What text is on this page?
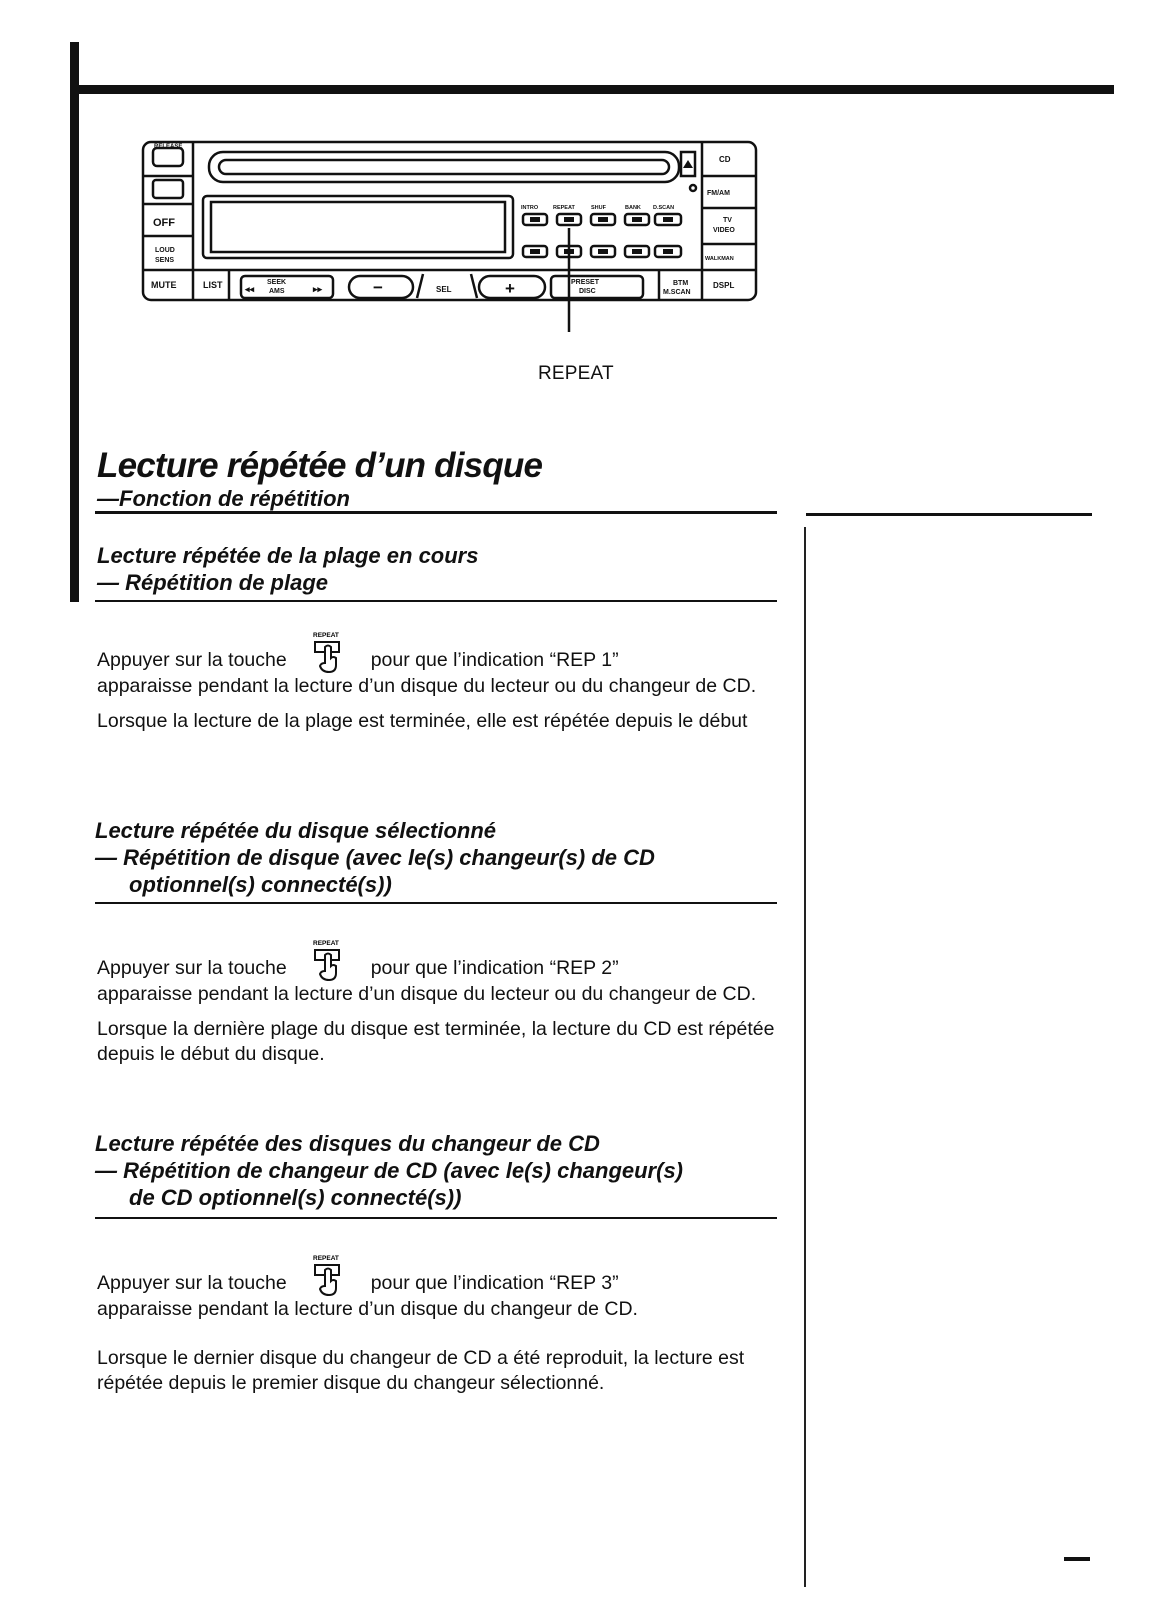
RELEASE
OFF
LOUD
SENS
MUTE	LIST	◂◂
SEEK
AMS	▸▸	−	SEL	+	PRESET
DISC
BTM
M.SCAN
CD
FM/AM
TV
VIDEO
WALKMAN
DSPL
INTRO	REPEAT	SHUF	BANK D.SCAN
REPEAT
Lecture répétée d’un disque
—Fonction de répétition
Lecture répétée de la plage en cours
— Répétition de plage

Appuyer sur la touche
REPEAT
pour que l’indication “REP 1”
apparaisse pendant la lecture d’un disque du lecteur ou du changeur de CD.

Lorsque la lecture de la plage est terminée, elle est répétée depuis le début

Lecture répétée du disque sélectionné
— Répétition de disque (avec le(s) changeur(s) de CD
optionnel(s) connecté(s))

Appuyer sur la touche
REPEAT
pour que l’indication “REP 2”
apparaisse pendant la lecture d’un disque du lecteur ou du changeur de CD.

Lorsque la dernière plage du disque est terminée, la lecture du CD est répétée depuis le début du disque.

Lecture répétée des disques du changeur de CD
— Répétition de changeur de CD (avec le(s) changeur(s)
de CD optionnel(s) connecté(s))

Appuyer sur la touche
REPEAT
pour que l’indication “REP 3”
apparaisse pendant la lecture d’un disque du changeur de CD.

Lorsque le dernier disque du changeur de CD a été reproduit, la lecture est répétée depuis le premier disque du changeur sélectionné.
